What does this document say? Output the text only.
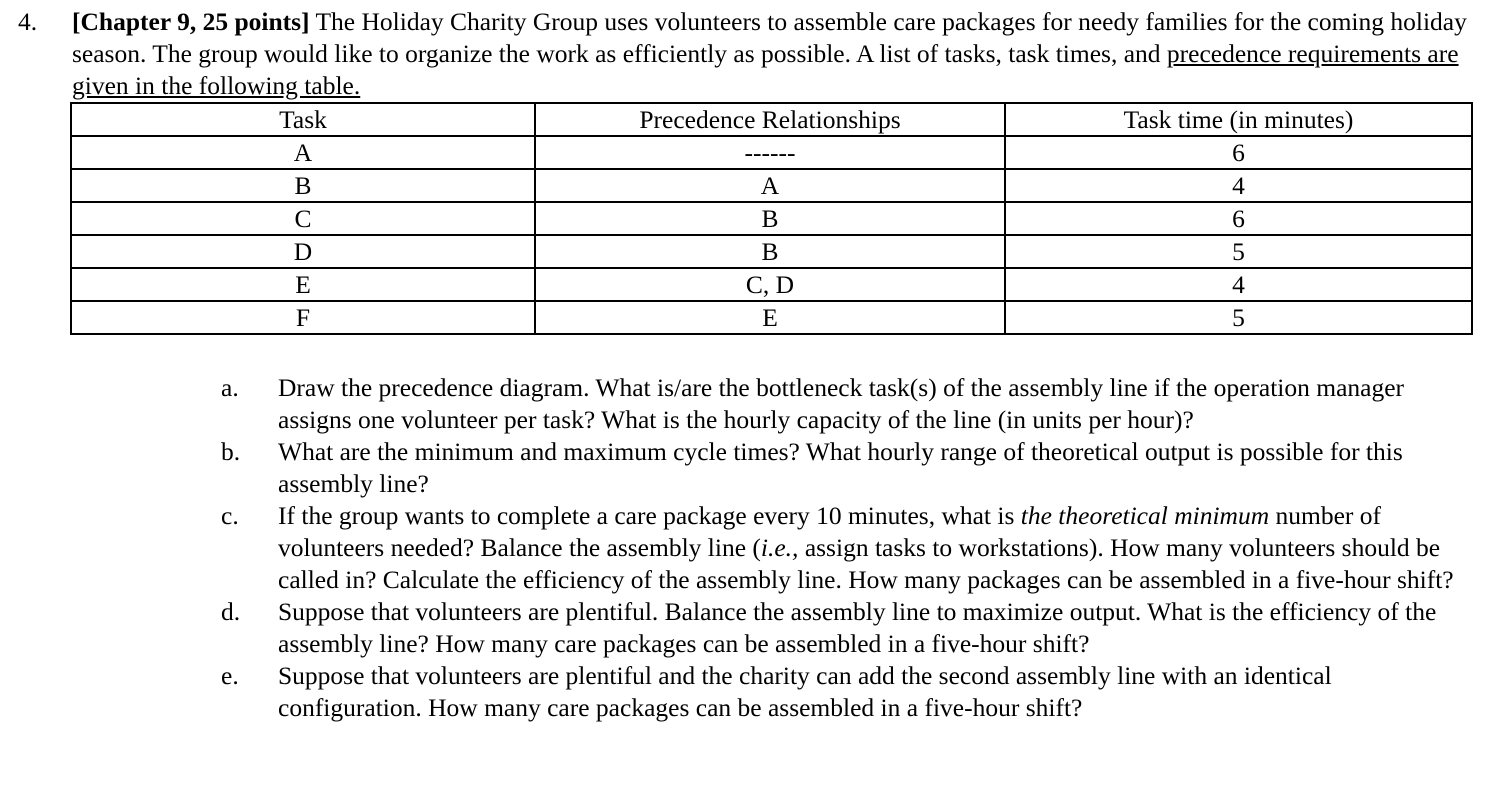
4. [Chapter 9, 25 points] The Holiday Charity Group uses volunteers to assemble care packages for needy families for the coming holiday season. The group would like to organize the work as efficiently as possible. A list of tasks, task times, and precedence requirements are given in the following table.
Task	Precedence Relationships	Task time (in minutes)
A	------	6
B	A	4
C	B	6
D	B	5
E	C, D	4
F	E	5
a. Draw the precedence diagram. What is/are the bottleneck task(s) of the assembly line if the operation manager assigns one volunteer per task? What is the hourly capacity of the line (in units per hour)?
b. What are the minimum and maximum cycle times? What hourly range of theoretical output is possible for this assembly line?
c. If the group wants to complete a care package every 10 minutes, what is the theoretical minimum number of volunteers needed? Balance the assembly line (i.e., assign tasks to workstations). How many volunteers should be called in? Calculate the efficiency of the assembly line. How many packages can be assembled in a five-hour shift?
d. Suppose that volunteers are plentiful. Balance the assembly line to maximize output. What is the efficiency of the assembly line? How many care packages can be assembled in a five-hour shift?
e. Suppose that volunteers are plentiful and the charity can add the second assembly line with an identical configuration. How many care packages can be assembled in a five-hour shift?
